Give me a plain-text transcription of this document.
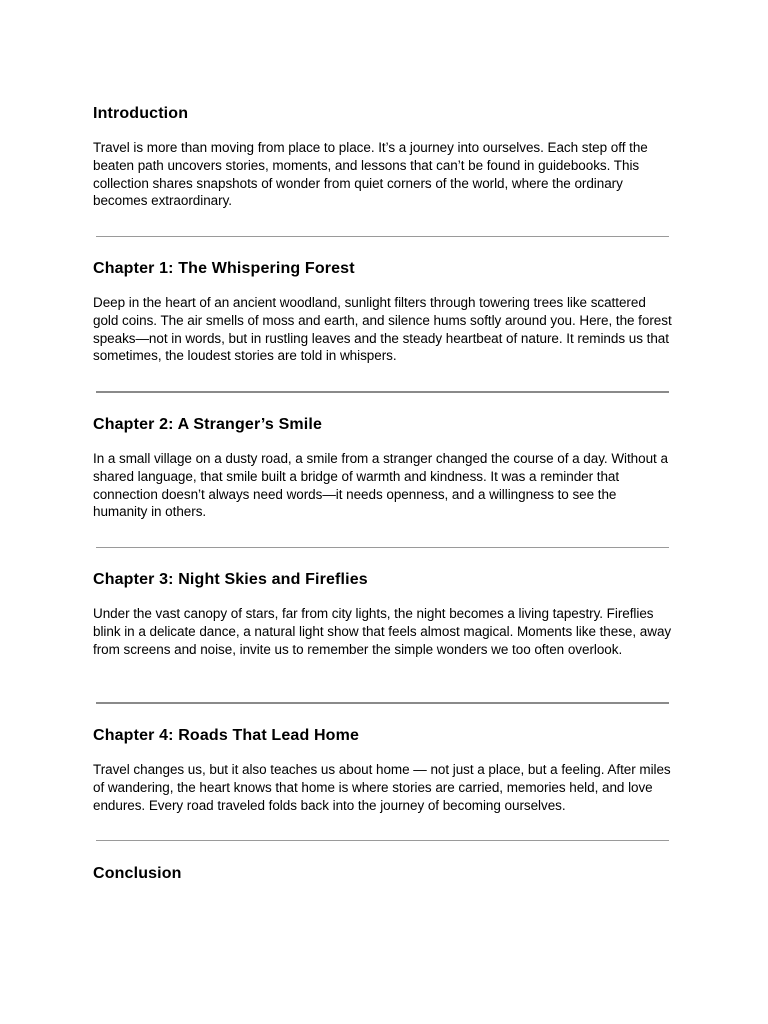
Introduction

Travel is more than moving from place to place. It’s a journey into ourselves. Each step off the beaten path uncovers stories, moments, and lessons that can’t be found in guidebooks. This collection shares snapshots of wonder from quiet corners of the world, where the ordinary becomes extraordinary.

Chapter 1: The Whispering Forest

Deep in the heart of an ancient woodland, sunlight filters through towering trees like scattered gold coins. The air smells of moss and earth, and silence hums softly around you. Here, the forest speaks—not in words, but in rustling leaves and the steady heartbeat of nature. It reminds us that sometimes, the loudest stories are told in whispers.

Chapter 2: A Stranger’s Smile

In a small village on a dusty road, a smile from a stranger changed the course of a day. Without a shared language, that smile built a bridge of warmth and kindness. It was a reminder that connection doesn’t always need words—it needs openness, and a willingness to see the humanity in others.

Chapter 3: Night Skies and Fireflies

Under the vast canopy of stars, far from city lights, the night becomes a living tapestry. Fireflies blink in a delicate dance, a natural light show that feels almost magical. Moments like these, away from screens and noise, invite us to remember the simple wonders we too often overlook.

Chapter 4: Roads That Lead Home

Travel changes us, but it also teaches us about home — not just a place, but a feeling. After miles of wandering, the heart knows that home is where stories are carried, memories held, and love endures. Every road traveled folds back into the journey of becoming ourselves.

Conclusion
